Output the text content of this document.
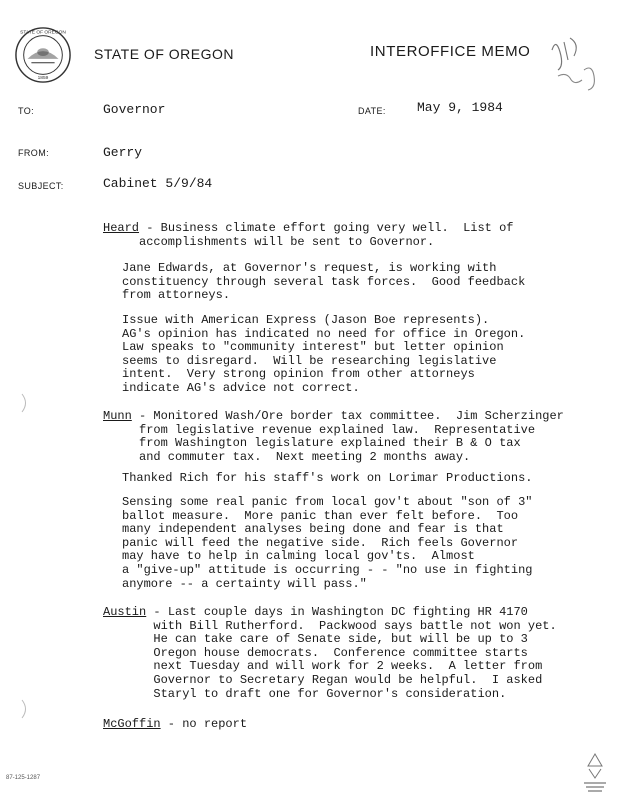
STATE OF OREGON
1859
STATE OF OREGON	INTEROFFICE MEMO
TO:	Governor	DATE: May 9, 1984
FROM:	Gerry
SUBJECT:	Cabinet 5/9/84
Heard - Business climate effort going very well.  List of
accomplishments will be sent to Governor.
Jane Edwards, at Governor's request, is working with
constituency through several task forces.  Good feedback
from attorneys.
Issue with American Express (Jason Boe represents).
AG's opinion has indicated no need for office in Oregon.
Law speaks to "community interest" but letter opinion
seems to disregard.  Will be researching legislative
intent.  Very strong opinion from other attorneys
indicate AG's advice not correct.
Munn - Monitored Wash/Ore border tax committee.  Jim Scherzinger
from legislative revenue explained law.  Representative
from Washington legislature explained their B & O tax
and commuter tax.  Next meeting 2 months away.
Thanked Rich for his staff's work on Lorimar Productions.
Sensing some real panic from local gov't about "son of 3"
ballot measure.  More panic than ever felt before.  Too
many independent analyses being done and fear is that
panic will feed the negative side.  Rich feels Governor
may have to help in calming local gov'ts.  Almost
a "give-up" attitude is occurring - - "no use in fighting
anymore -- a certainty will pass."
Austin - Last couple days in Washington DC fighting HR 4170
with Bill Rutherford.  Packwood says battle not won yet.
He can take care of Senate side, but will be up to 3
Oregon house democrats.  Conference committee starts
next Tuesday and will work for 2 weeks.  A letter from
Governor to Secretary Regan would be helpful.  I asked
Staryl to draft one for Governor's consideration.
McGoffin - no report
87-125-1287
